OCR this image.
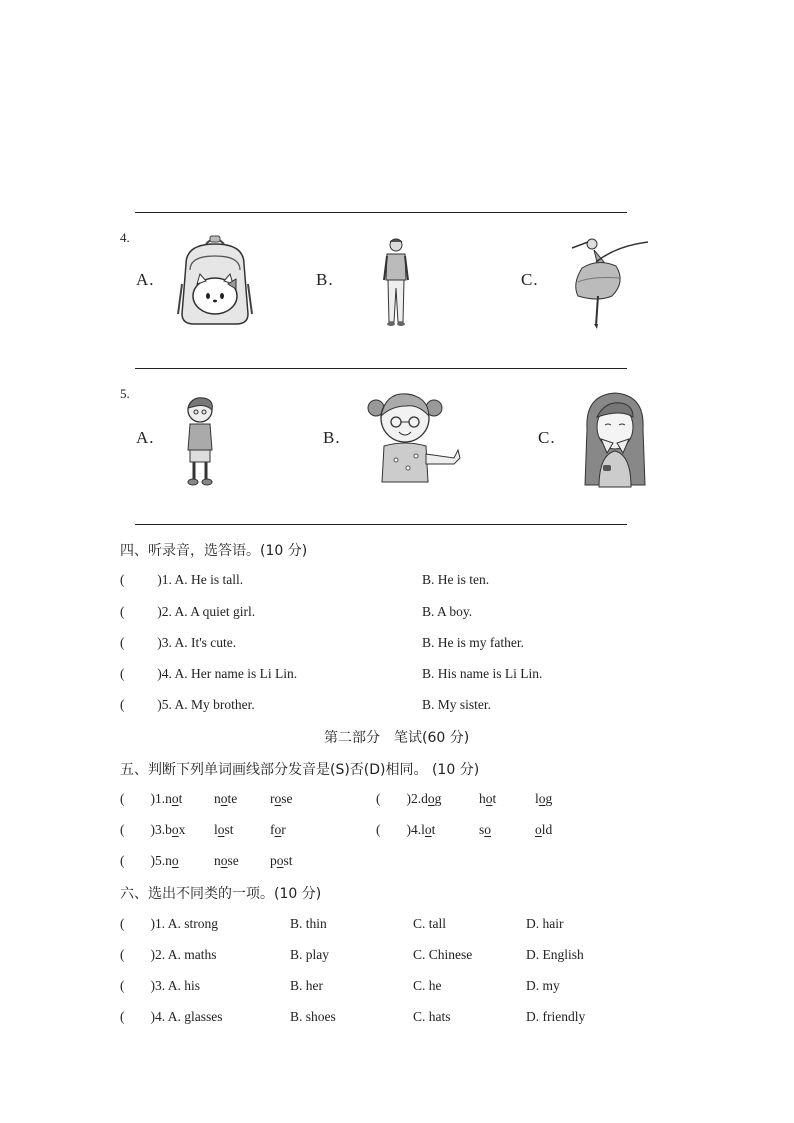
4.
A.	B.	C.
5.
A.	B.	C.
四、听录音，选答语。(10 分)
( )1. A. He is tall.	B. He is ten.
( )2. A. A quiet girl.	B. A boy.
( )3. A. It's cute.	B. He is my father.
( )4. A. Her name is Li Lin.	B. His name is Li Lin.
( )5. A. My brother.	B. My sister.
第二部分　笔试(60 分)
五、判断下列单词画线部分发音是(S)否(D)相同。 (10 分)
( )1.not note rose	( )2.dog	hot	log
( )3.box lost	for	( )4.lot	so	old
( )5.no	nose post
六、选出不同类的一项。(10 分)
( )1. A. strong	B. thin	C. tall	D. hair
( )2. A. maths	B. play	C. Chinese	D. English
( )3. A. his	B. her	C. he	D. my
( )4. A. glasses	B. shoes	C. hats	D. friendly
